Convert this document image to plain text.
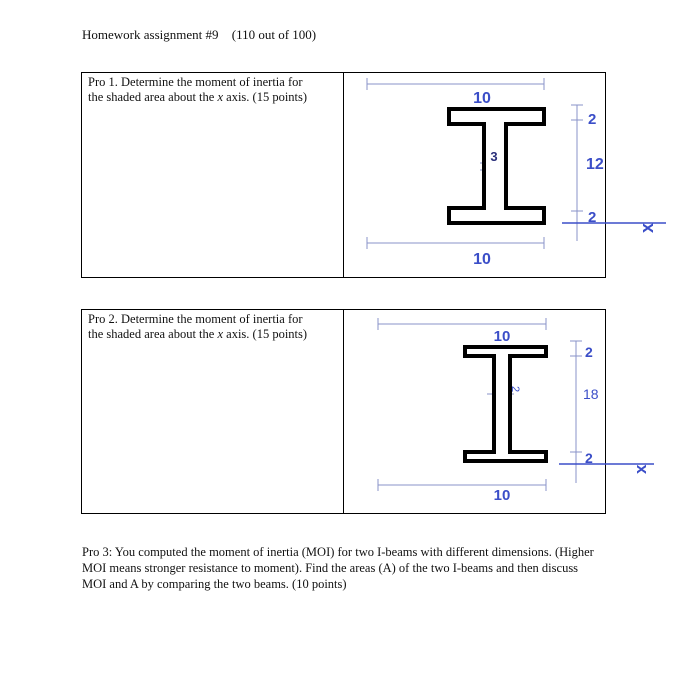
Homework assignment #9 (110 out of 100)
Pro 1. Determine the moment of inertia for
the shaded area about the x axis. (15 points)	10
10
3
2
12
2
x
Pro 2. Determine the moment of inertia for
the shaded area about the x axis. (15 points)	10
10
2
2
18
2
x
Pro 3: You computed the moment of inertia (MOI) for two I-beams with different dimensions. (Higher MOI means stronger resistance to moment). Find the areas (A) of the two I-beams and then discuss MOI and A by comparing the two beams. (10 points)
